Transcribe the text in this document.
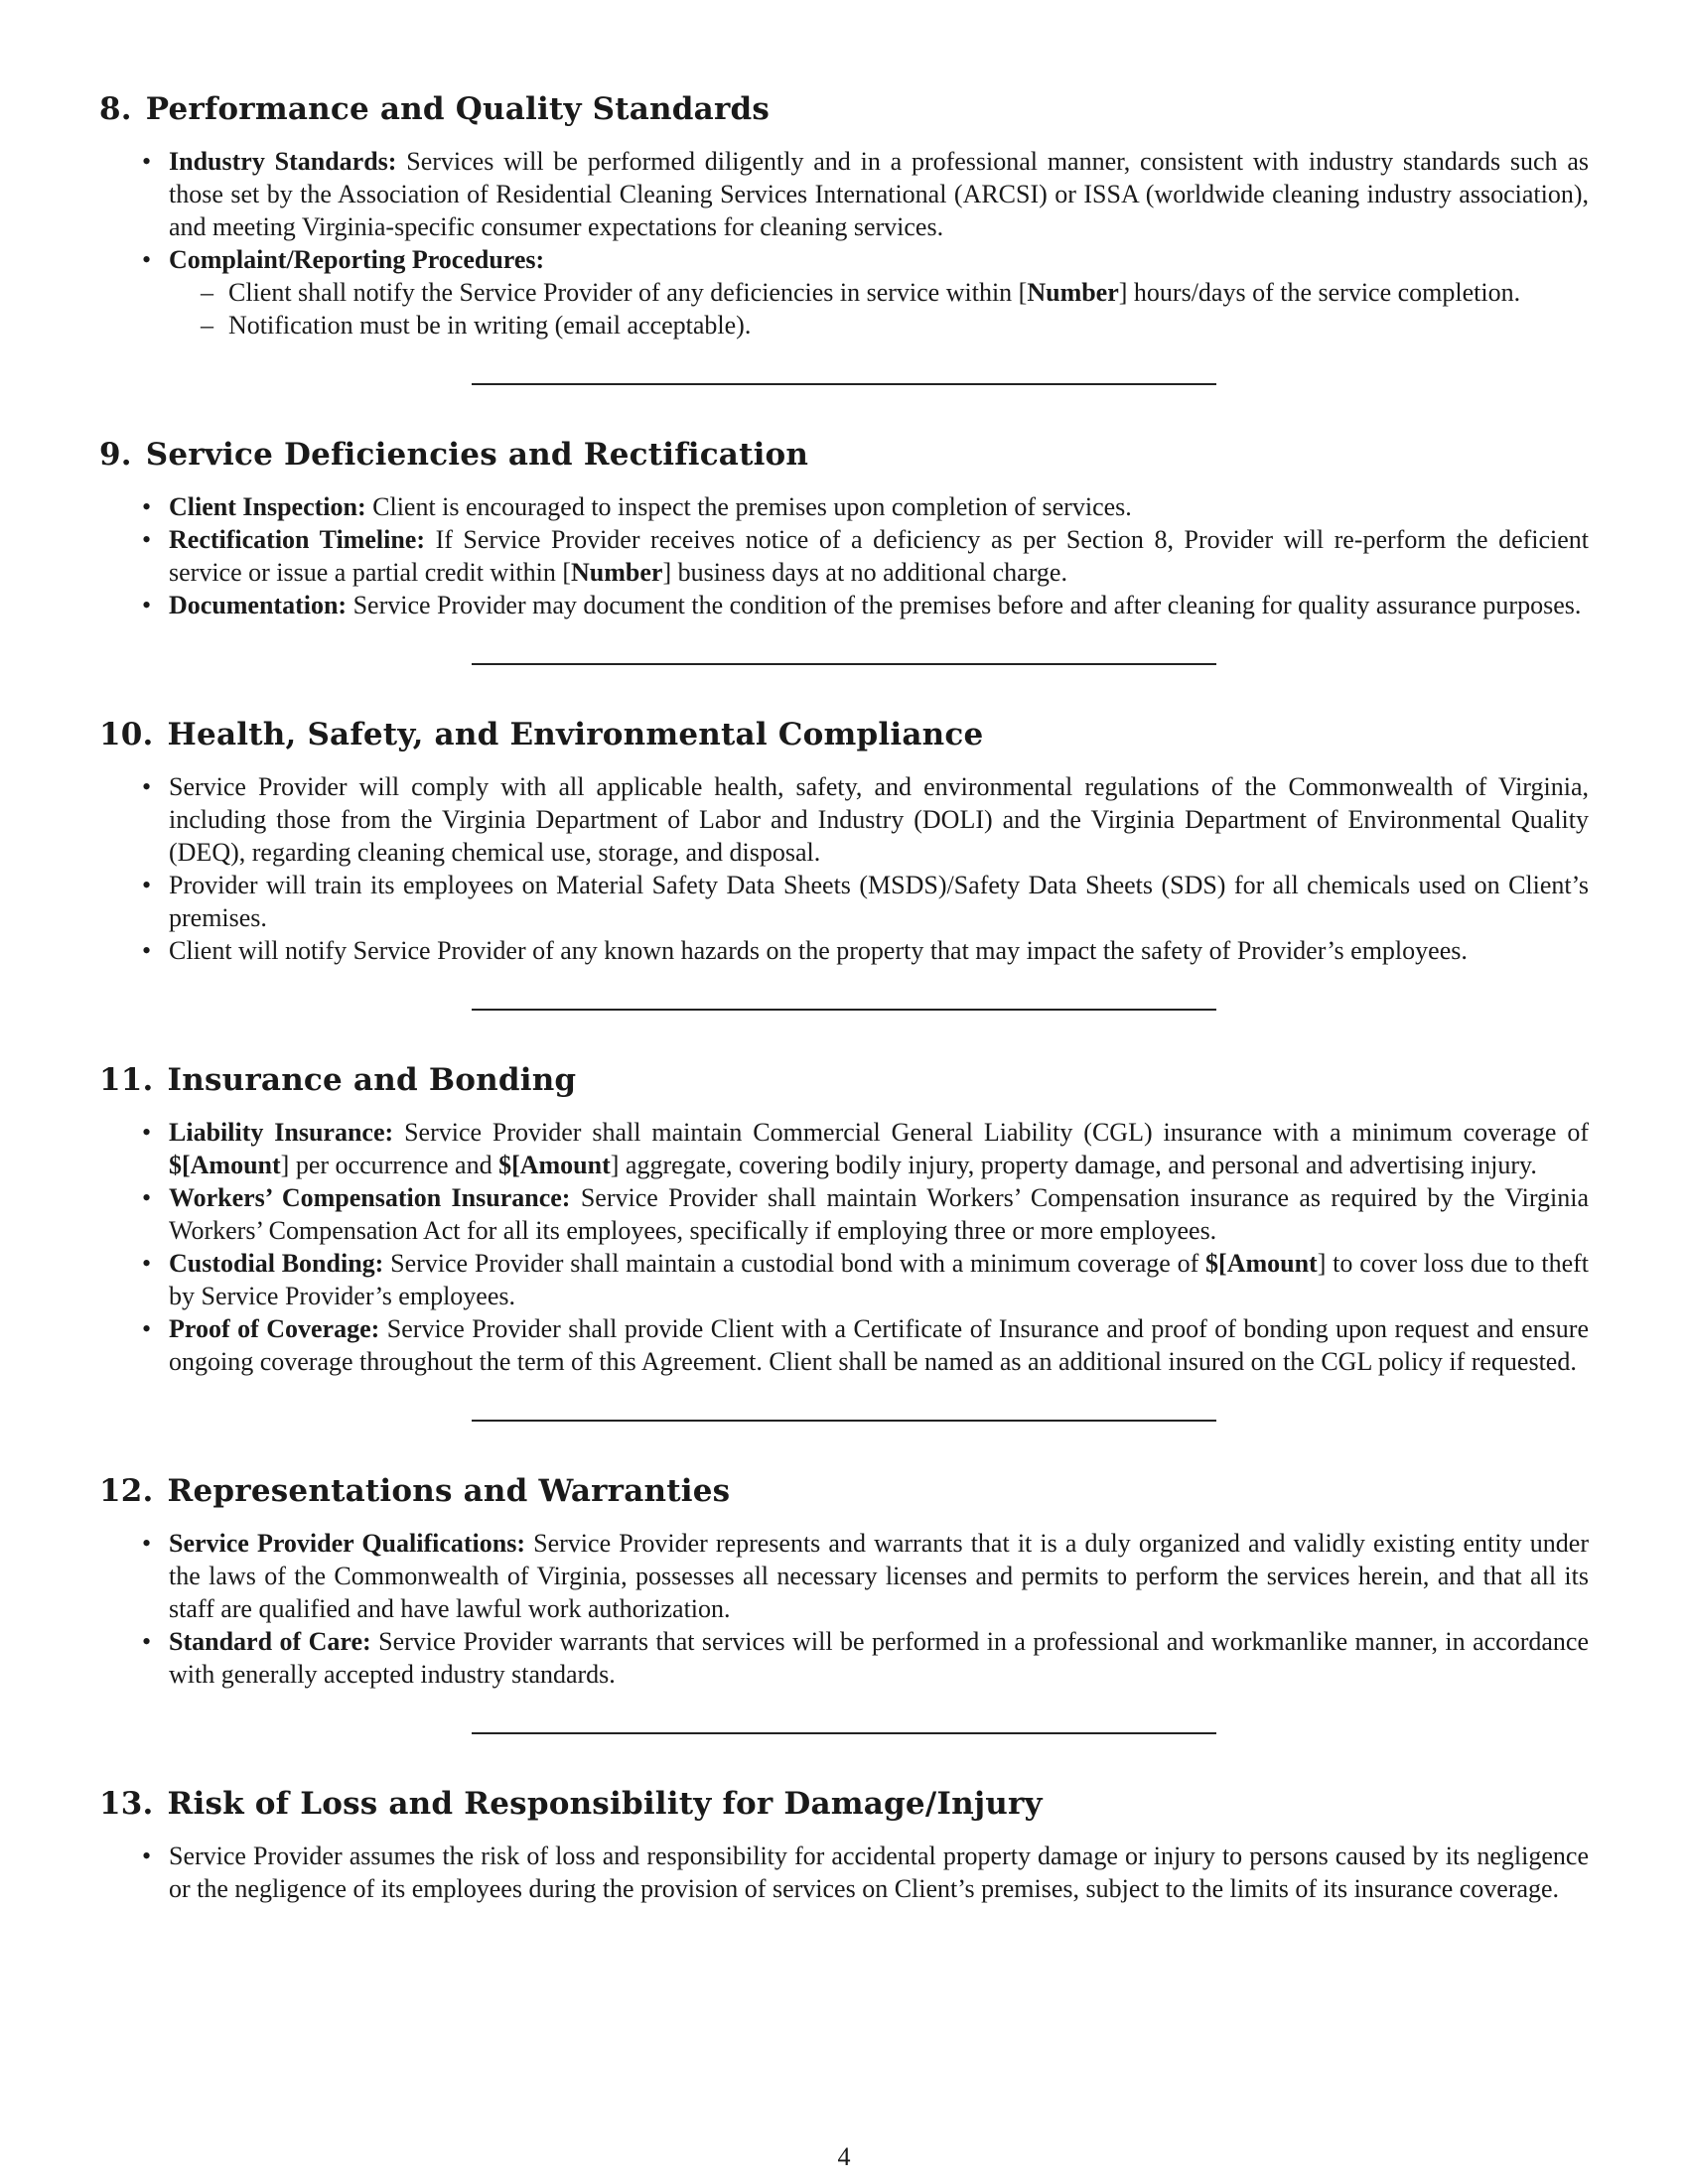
8. Performance and Quality Standards
• Industry Standards: Services will be performed diligently and in a professional manner, consistent with industry standards such as those set by the Association of Residential Cleaning Services International (ARCSI) or ISSA (worldwide cleaning industry association), and meeting Virginia-specific consumer expectations for cleaning services.
• Complaint/Reporting Procedures:
– Client shall notify the Service Provider of any deficiencies in service within [Number] hours/days of the service completion.
– Notification must be in writing (email acceptable).
9. Service Deficiencies and Rectification
• Client Inspection: Client is encouraged to inspect the premises upon completion of services.
• Rectification Timeline: If Service Provider receives notice of a deficiency as per Section 8, Provider will re-perform the deficient service or issue a partial credit within [Number] business days at no additional charge.
• Documentation: Service Provider may document the condition of the premises before and after cleaning for quality assurance purposes.
10. Health, Safety, and Environmental Compliance
• Service Provider will comply with all applicable health, safety, and environmental regulations of the Commonwealth of Virginia, including those from the Virginia Department of Labor and Industry (DOLI) and the Virginia Department of Environmental Quality (DEQ), regarding cleaning chemical use, storage, and disposal.
• Provider will train its employees on Material Safety Data Sheets (MSDS)/Safety Data Sheets (SDS) for all chemicals used on Client’s premises.
• Client will notify Service Provider of any known hazards on the property that may impact the safety of Provider’s employees.
11. Insurance and Bonding
• Liability Insurance: Service Provider shall maintain Commercial General Liability (CGL) insurance with a minimum coverage of $[Amount] per occurrence and $[Amount] aggregate, covering bodily injury, property damage, and personal and advertising injury.
• Workers’ Compensation Insurance: Service Provider shall maintain Workers’ Compensation insurance as required by the Virginia Workers’ Compensation Act for all its employees, specifically if employing three or more employees.
• Custodial Bonding: Service Provider shall maintain a custodial bond with a minimum coverage of $[Amount] to cover loss due to theft by Service Provider’s employees.
• Proof of Coverage: Service Provider shall provide Client with a Certificate of Insurance and proof of bonding upon request and ensure ongoing coverage throughout the term of this Agreement. Client shall be named as an additional insured on the CGL policy if requested.
12. Representations and Warranties
• Service Provider Qualifications: Service Provider represents and warrants that it is a duly organized and validly existing entity under the laws of the Commonwealth of Virginia, possesses all necessary licenses and permits to perform the services herein, and that all its staff are qualified and have lawful work authorization.
• Standard of Care: Service Provider warrants that services will be performed in a professional and workmanlike manner, in accordance with generally accepted industry standards.
13. Risk of Loss and Responsibility for Damage/Injury
• Service Provider assumes the risk of loss and responsibility for accidental property damage or injury to persons caused by its negligence or the negligence of its employees during the provision of services on Client’s premises, subject to the limits of its insurance coverage.
4
